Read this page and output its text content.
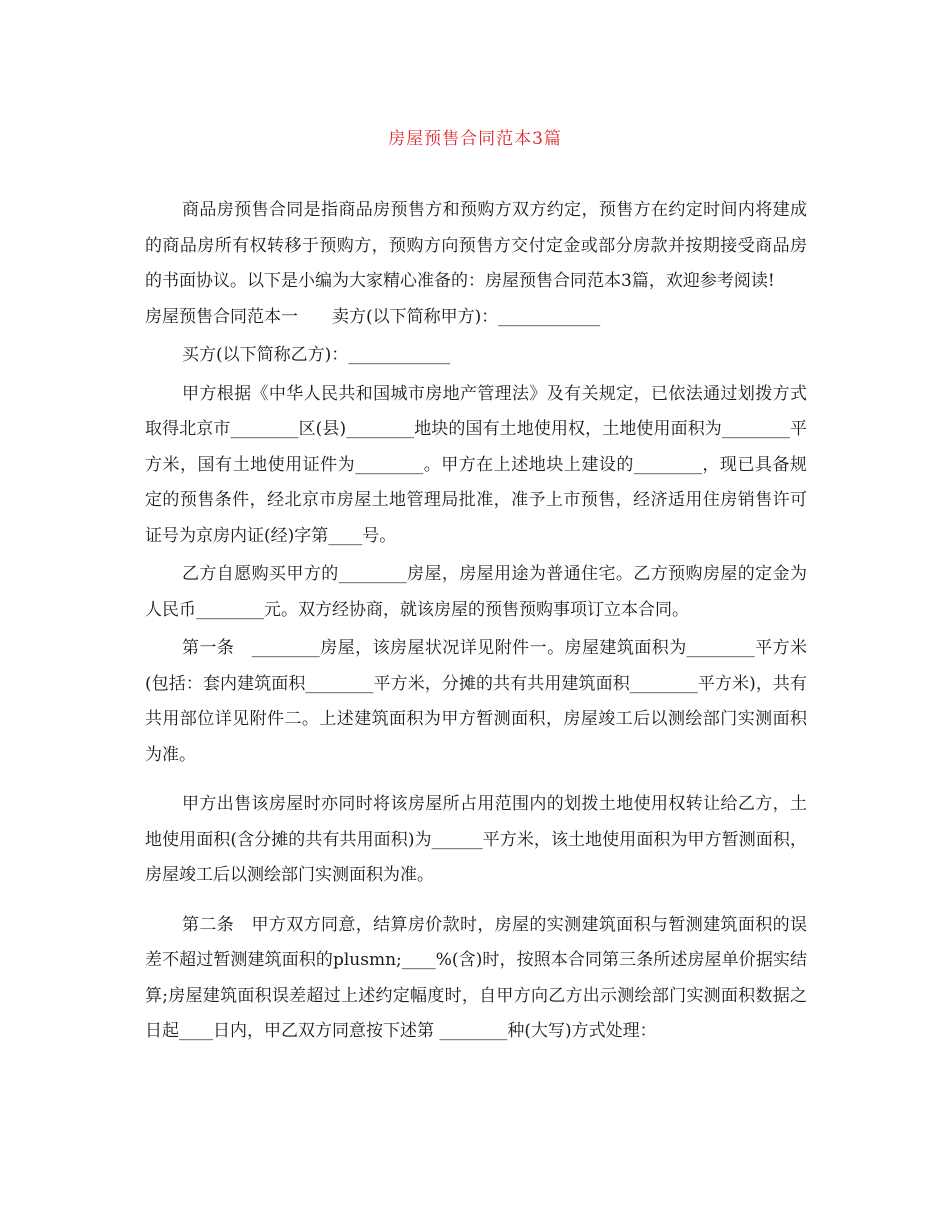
房屋预售合同范本3篇

商品房预售合同是指商品房预售方和预购方双方约定，预售方在约定时间内将建成的商品房所有权转移于预购方，预购方向预售方交付定金或部分房款并按期接受商品房的书面协议。以下是小编为大家精心准备的：房屋预售合同范本3篇，欢迎参考阅读!

房屋预售合同范本一　　卖方(以下简称甲方)：____________

买方(以下简称乙方)：____________

甲方根据《中华人民共和国城市房地产管理法》及有关规定，已依法通过划拨方式取得北京市________区(县)________地块的国有土地使用权，土地使用面积为________平方米，国有土地使用证件为________。甲方在上述地块上建设的________，现已具备规定的预售条件，经北京市房屋土地管理局批准，准予上市预售，经济适用住房销售许可证号为京房内证(经)字第____号。

乙方自愿购买甲方的________房屋，房屋用途为普通住宅。乙方预购房屋的定金为人民币________元。双方经协商，就该房屋的预售预购事项订立本合同。

第一条　________房屋，该房屋状况详见附件一。房屋建筑面积为________平方米(包括：套内建筑面积________平方米，分摊的共有共用建筑面积________平方米)，共有共用部位详见附件二。上述建筑面积为甲方暂测面积，房屋竣工后以测绘部门实测面积为准。

甲方出售该房屋时亦同时将该房屋所占用范围内的划拨土地使用权转让给乙方，土地使用面积(含分摊的共有共用面积)为______平方米，该土地使用面积为甲方暂测面积，房屋竣工后以测绘部门实测面积为准。

第二条　甲方双方同意，结算房价款时，房屋的实测建筑面积与暂测建筑面积的误差不超过暂测建筑面积的plusmn;____%(含)时，按照本合同第三条所述房屋单价据实结算;房屋建筑面积误差超过上述约定幅度时，自甲方向乙方出示测绘部门实测面积数据之日起____日内，甲乙双方同意按下述第 ________种(大写)方式处理：
